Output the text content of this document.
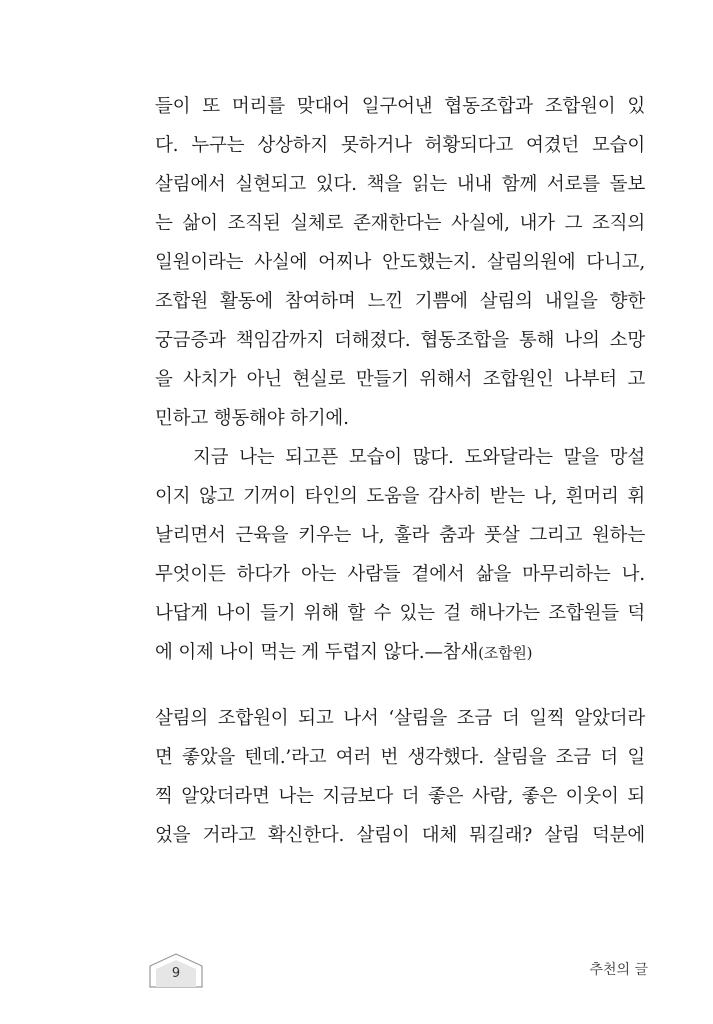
들이 또 머리를 맞대어 일구어낸 협동조합과 조합원이 있
다. 누구는 상상하지 못하거나 허황되다고 여겼던 모습이
살림에서 실현되고 있다. 책을 읽는 내내 함께 서로를 돌보
는 삶이 조직된 실체로 존재한다는 사실에, 내가 그 조직의
일원이라는 사실에 어찌나 안도했는지. 살림의원에 다니고,
조합원 활동에 참여하며 느낀 기쁨에 살림의 내일을 향한
궁금증과 책임감까지 더해졌다. 협동조합을 통해 나의 소망
을 사치가 아닌 현실로 만들기 위해서 조합원인 나부터 고
민하고 행동해야 하기에.
지금 나는 되고픈 모습이 많다. 도와달라는 말을 망설
이지 않고 기꺼이 타인의 도움을 감사히 받는 나, 흰머리 휘
날리면서 근육을 키우는 나, 훌라 춤과 풋살 그리고 원하는
무엇이든 하다가 아는 사람들 곁에서 삶을 마무리하는 나.
나답게 나이 들기 위해 할 수 있는 걸 해나가는 조합원들 덕
에 이제 나이 먹는 게 두렵지 않다.—참새(조합원)
살림의 조합원이 되고 나서 ‘살림을 조금 더 일찍 알았더라
면 좋았을 텐데.’라고 여러 번 생각했다. 살림을 조금 더 일
찍 알았더라면 나는 지금보다 더 좋은 사람, 좋은 이웃이 되
었을 거라고 확신한다. 살림이 대체 뭐길래? 살림 덕분에
9	추천의 글
